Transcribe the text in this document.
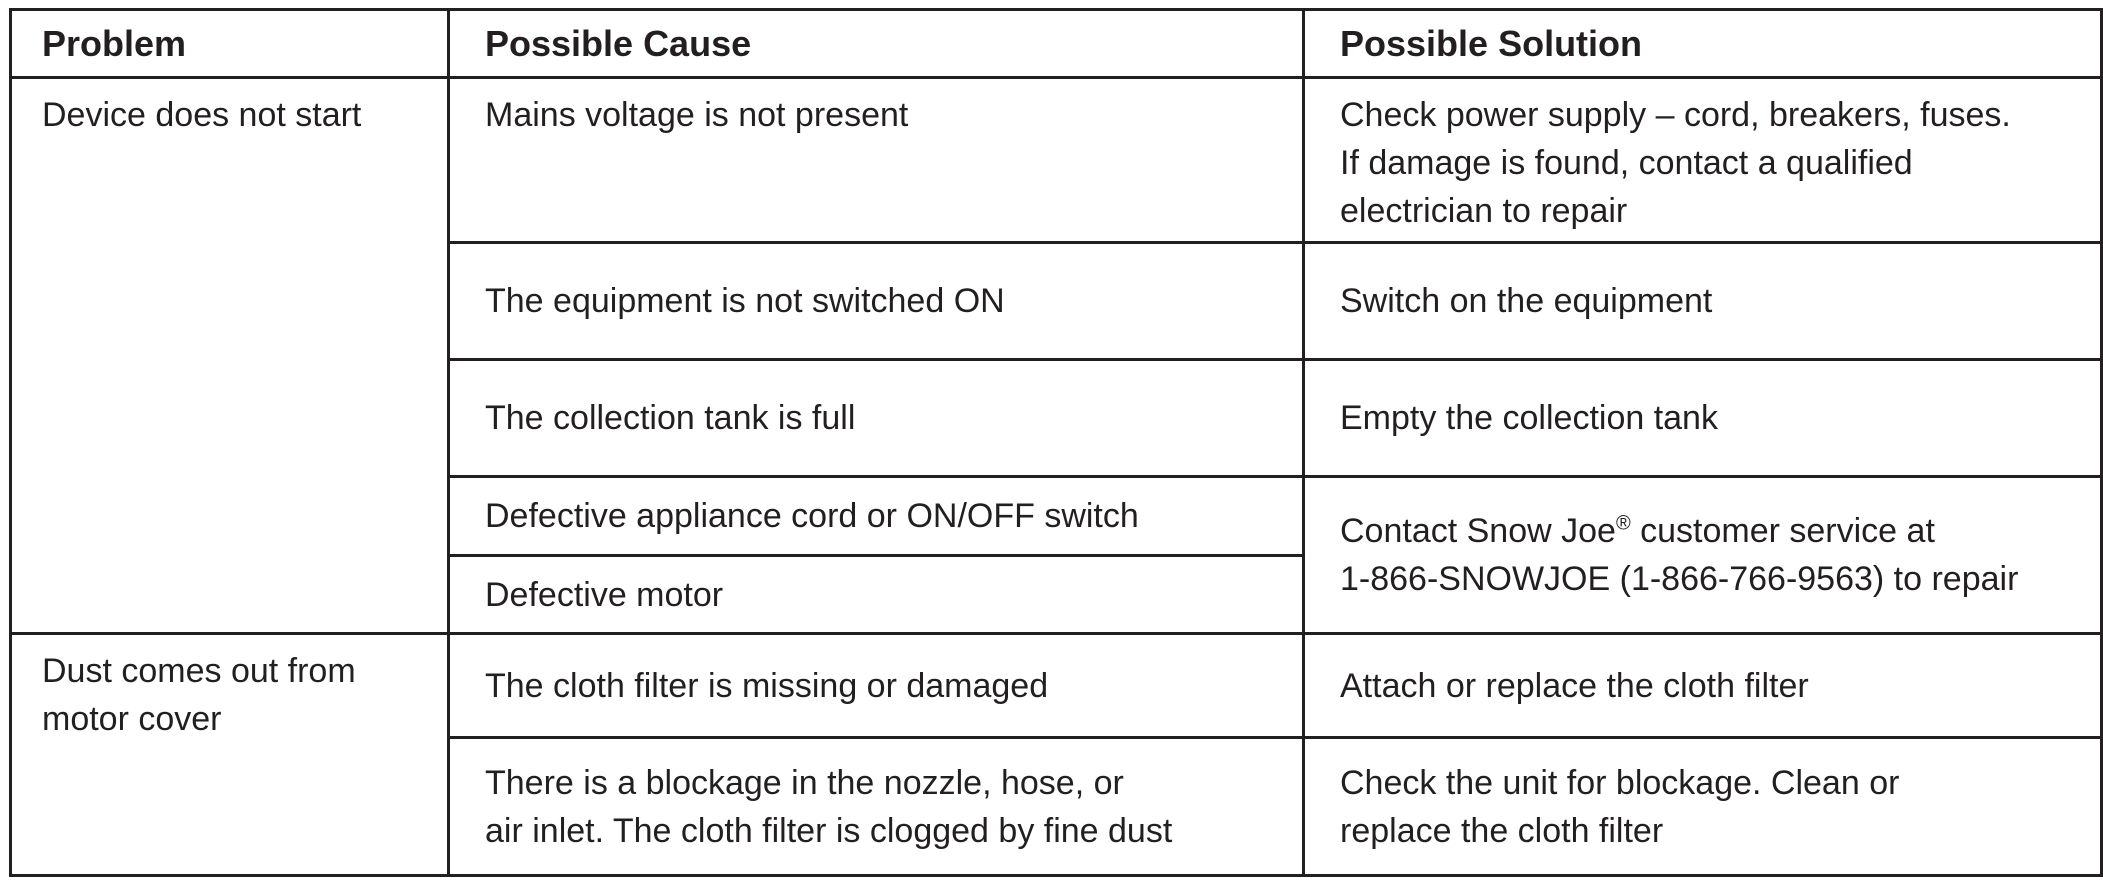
Problem	Possible Cause	Possible Solution

Device does not start	Mains voltage is not present	Check power supply – cord, breakers, fuses.
If damage is found, contact a qualified
electrician to repair

	The equipment is not switched ON	Switch on the equipment

	The collection tank is full	Empty the collection tank

	Defective appliance cord or ON/OFF switch	Contact Snow Joe® customer service at
1-866-SNOWJOE (1-866-766-9563) to repair

	Defective motor	

Dust comes out from
motor cover	The cloth filter is missing or damaged	Attach or replace the cloth filter

	There is a blockage in the nozzle, hose, or
air inlet. The cloth filter is clogged by fine dust	Check the unit for blockage. Clean or
replace the cloth filter
